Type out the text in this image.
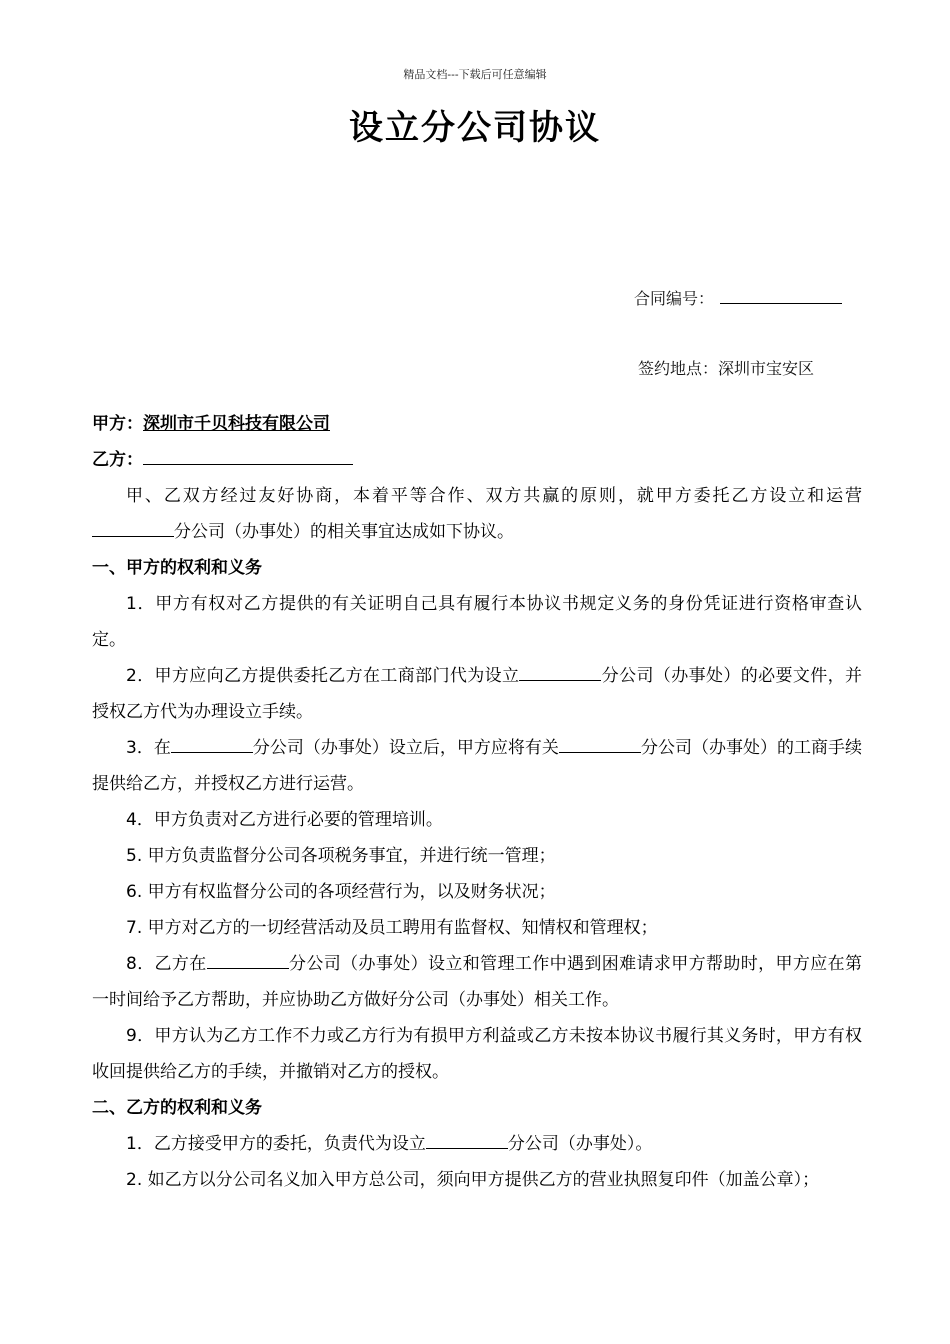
精品文档---下载后可任意编辑
设立分公司协议
合同编号：
签约地点：深圳市宝安区

甲方：深圳市千贝科技有限公司

乙方：

甲、乙双方经过友好协商，本着平等合作、双方共赢的原则，就甲方委托乙方设立和运营分公司（办事处）的相关事宜达成如下协议。

一、甲方的权利和义务

1．甲方有权对乙方提供的有关证明自己具有履行本协议书规定义务的身份凭证进行资格审查认定。

2．甲方应向乙方提供委托乙方在工商部门代为设立	分公司（办事处）的必要文件，并授权乙方代为办理设立手续。

3．在	分公司（办事处）设立后，甲方应将有关	分公司（办事处）的工商手续提供给乙方，并授权乙方进行运营。

4．甲方负责对乙方进行必要的管理培训。

5. 甲方负责监督分公司各项税务事宜，并进行统一管理；

6. 甲方有权监督分公司的各项经营行为，以及财务状况；

7. 甲方对乙方的一切经营活动及员工聘用有监督权、知情权和管理权；

8．乙方在	分公司（办事处）设立和管理工作中遇到困难请求甲方帮助时，甲方应在第一时间给予乙方帮助，并应协助乙方做好分公司（办事处）相关工作。

9．甲方认为乙方工作不力或乙方行为有损甲方利益或乙方未按本协议书履行其义务时，甲方有权收回提供给乙方的手续，并撤销对乙方的授权。

二、乙方的权利和义务

1．乙方接受甲方的委托，负责代为设立	分公司（办事处）。

2. 如乙方以分公司名义加入甲方总公司，须向甲方提供乙方的营业执照复印件（加盖公章）；
